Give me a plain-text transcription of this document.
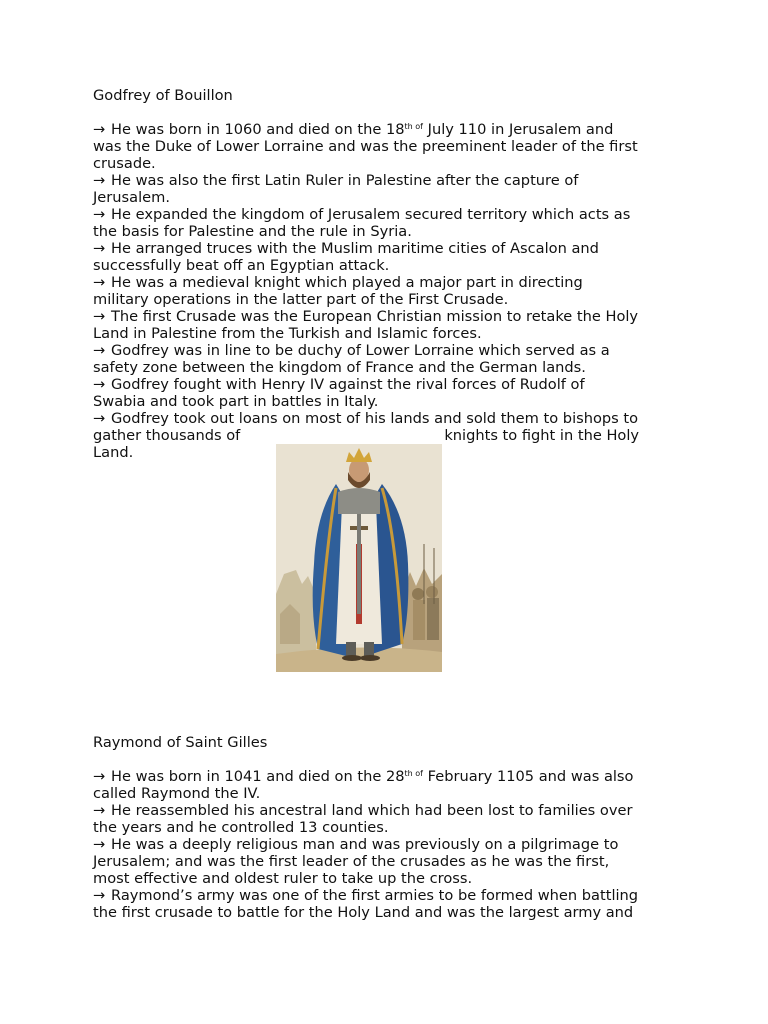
Godfrey of Bouillon
→ He was born in 1060 and died on the $18^{th of}$ July 110 in Jerusalem and
was the Duke of Lower Lorraine and was the preeminent leader of the first
crusade.
→ He was also the first Latin Ruler in Palestine after the capture of
Jerusalem.
→ He expanded the kingdom of Jerusalem secured territory which acts as
the basis for Palestine and the rule in Syria.
→ He arranged truces with the Muslim maritime cities of Ascalon and
successfully beat off an Egyptian attack.
→ He was a medieval knight which played a major part in directing
military operations in the latter part of the First Crusade.
→ The first Crusade was the European Christian mission to retake the Holy
Land in Palestine from the Turkish and Islamic forces.
→ Godfrey was in line to be duchy of Lower Lorraine which served as a
safety zone between the kingdom of France and the German lands.
→ Godfrey fought with Henry IV against the rival forces of Rudolf of
Swabia and took part in battles in Italy.
→ Godfrey took out loans on most of his lands and sold them to bishops to
gather thousands of	knights to fight in the Holy
Land.
Raymond of Saint Gilles
→ He was born in 1041 and died on the $28^{th of}$ February 1105 and was also
called Raymond the IV.
→ He reassembled his ancestral land which had been lost to families over
the years and he controlled 13 counties.
→ He was a deeply religious man and was previously on a pilgrimage to
Jerusalem; and was the first leader of the crusades as he was the first,
most effective and oldest ruler to take up the cross.
→ Raymond’s army was one of the first armies to be formed when battling
the first crusade to battle for the Holy Land and was the largest army and
